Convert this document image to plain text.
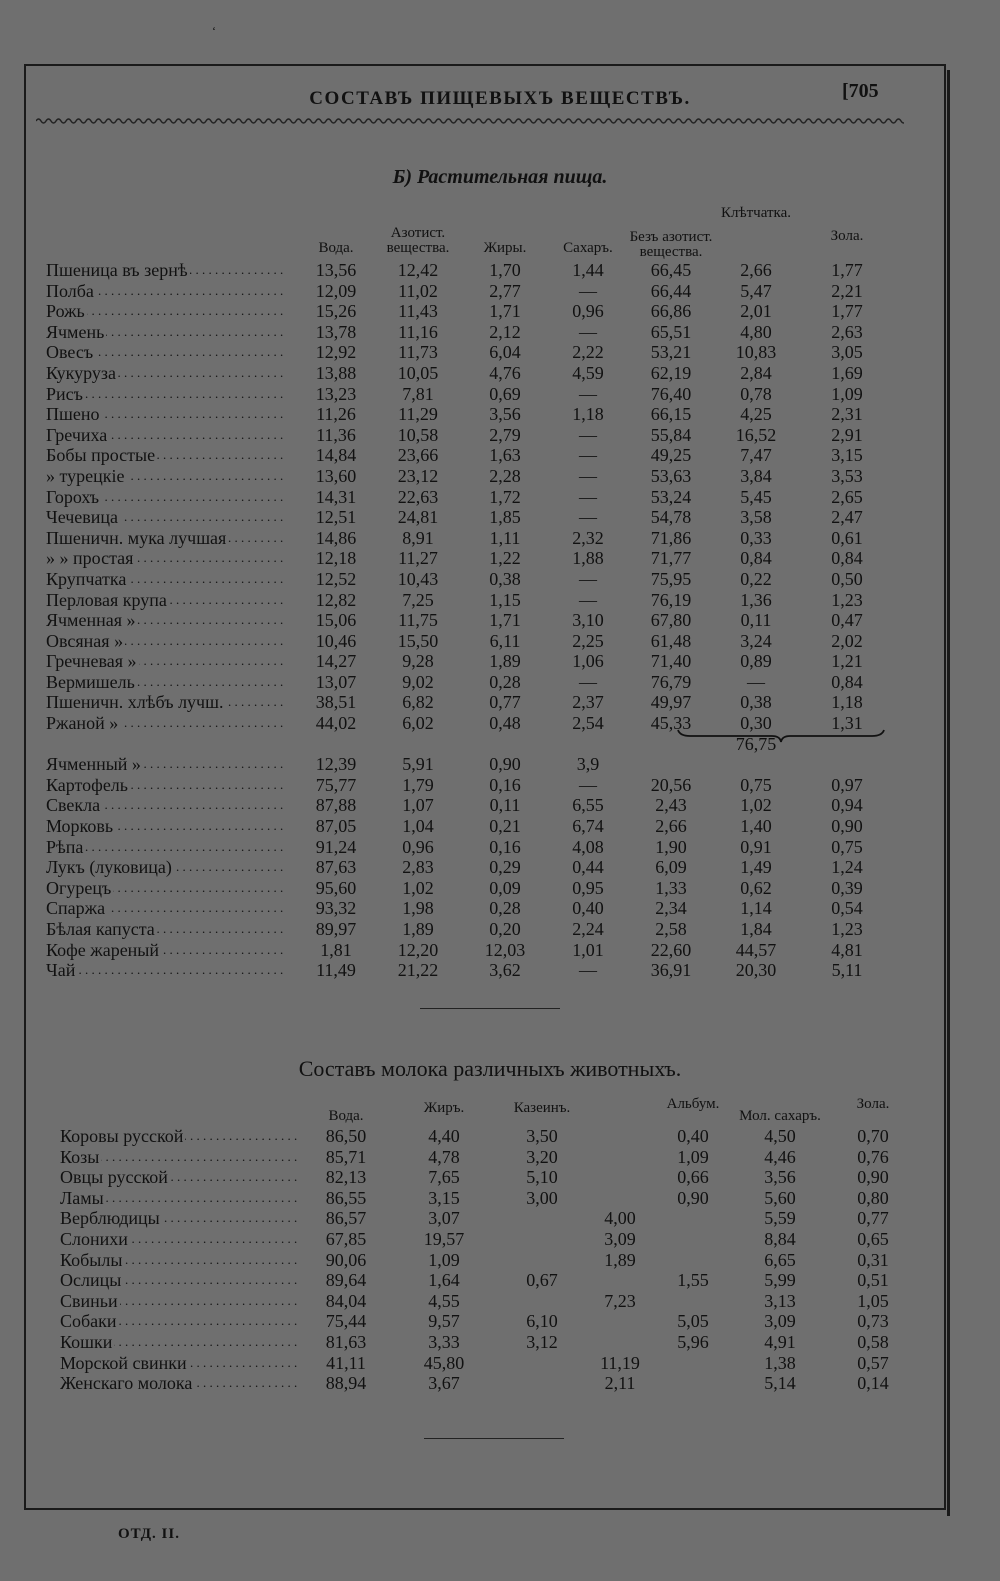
‘
СОСТАВЪ ПИЩЕВЫХЪ ВЕЩЕСТВЪ.	[705
Б) Растительная пища.
	Вода.	Азотист. вещества.	Жиры.	Сахаръ.	Безъ азотист. вещества.	Клѣтчатка.	Зола.
. . . Пшеница въ зернѣ	13,56	12,42	1,70	1,44	66,45	2,66	1,77
. . . Полба	12,09	11,02	2,77	—	66,44	5,47	2,21
. . . Рожь	15,26	11,43	1,71	0,96	66,86	2,01	1,77
. . . Ячмень	13,78	11,16	2,12	—	65,51	4,80	2,63
. . . Овесъ	12,92	11,73	6,04	2,22	53,21	10,83	3,05
. . . Кукуруза	13,88	10,05	4,76	4,59	62,19	2,84	1,69
. . . Рисъ	13,23	7,81	0,69	—	76,40	0,78	1,09
. . . Пшено	11,26	11,29	3,56	1,18	66,15	4,25	2,31
. . . Гречиха	11,36	10,58	2,79	—	55,84	16,52	2,91
. . . Бобы простые	14,84	23,66	1,63	—	49,25	7,47	3,15
. . . » турецкіе	13,60	23,12	2,28	—	53,63	3,84	3,53
. . . Горохъ	14,31	22,63	1,72	—	53,24	5,45	2,65
. . . Чечевица	12,51	24,81	1,85	—	54,78	3,58	2,47
. . . Пшеничн. мука лучшая	14,86	8,91	1,11	2,32	71,86	0,33	0,61
. . . » » простая	12,18	11,27	1,22	1,88	71,77	0,84	0,84
. . . Крупчатка	12,52	10,43	0,38	—	75,95	0,22	0,50
. . . Перловая крупа	12,82	7,25	1,15	—	76,19	1,36	1,23
. . . Ячменная »	15,06	11,75	1,71	3,10	67,80	0,11	0,47
. . . Овсяная »	10,46	15,50	6,11	2,25	61,48	3,24	2,02
. . . Гречневая »	14,27	9,28	1,89	1,06	71,40	0,89	1,21
. . . Вермишель	13,07	9,02	0,28	—	76,79	—	0,84
. . . Пшеничн. хлѣбъ лучш.	38,51	6,82	0,77	2,37	49,97	0,38	1,18
. . . Ржаной »	44,02	6,02	0,48	2,54	45,33	0,30	1,31
						76,75	
. . . Ячменный »	12,39	5,91	0,90	3,9			
. . . Картофель	75,77	1,79	0,16	—	20,56	0,75	0,97
. . . Свекла	87,88	1,07	0,11	6,55	2,43	1,02	0,94
. . . Морковь	87,05	1,04	0,21	6,74	2,66	1,40	0,90
. . . Рѣпа	91,24	0,96	0,16	4,08	1,90	0,91	0,75
. . . Лукъ (луковица)	87,63	2,83	0,29	0,44	6,09	1,49	1,24
. . . Огурецъ	95,60	1,02	0,09	0,95	1,33	0,62	0,39
. . . Спаржа	93,32	1,98	0,28	0,40	2,34	1,14	0,54
. . . Бѣлая капуста	89,97	1,89	0,20	2,24	2,58	1,84	1,23
. . . Кофе жареный	1,81	12,20	12,03	1,01	22,60	44,57	4,81
. . . Чай	11,49	21,22	3,62	—	36,91	20,30	5,11
Составъ молока различныхъ животныхъ.
	Вода.	Жиръ.	Казеинъ.		Альбум.	Мол. сахаръ.	Зола.
. . . Коровы русской	86,50	4,40	3,50		0,40	4,50	0,70
. . . Козы	85,71	4,78	3,20		1,09	4,46	0,76
. . . Овцы русской	82,13	7,65	5,10		0,66	3,56	0,90
. . . Ламы	86,55	3,15	3,00		0,90	5,60	0,80
. . . Верблюдицы	86,57	3,07		4,00		5,59	0,77
. . . Слонихи	67,85	19,57		3,09		8,84	0,65
. . . Кобылы	90,06	1,09		1,89		6,65	0,31
. . . Ослицы	89,64	1,64	0,67		1,55	5,99	0,51
. . . Свиньи	84,04	4,55		7,23		3,13	1,05
. . . Собаки	75,44	9,57	6,10		5,05	3,09	0,73
. . . Кошки	81,63	3,33	3,12		5,96	4,91	0,58
. . . Морской свинки	41,11	45,80		11,19		1,38	0,57
. . . Женскаго молока	88,94	3,67		2,11		5,14	0,14
ОТД. II.
